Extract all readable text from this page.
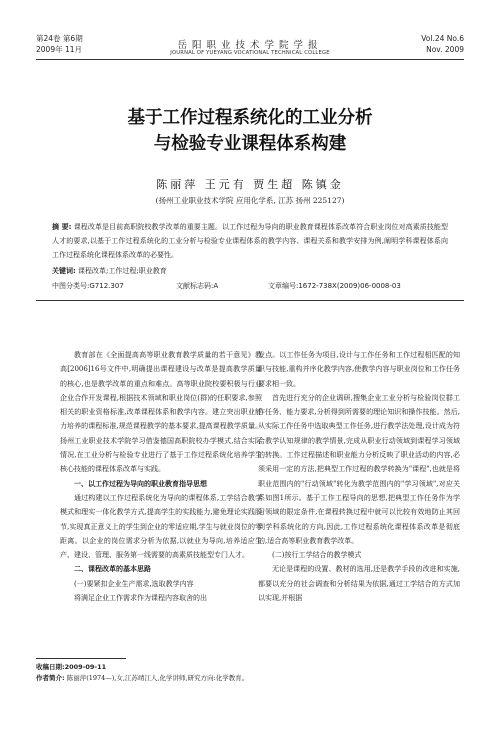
第24卷 第6期
2009年 11月	岳阳职业技术学院学报
JOURNAL OF YUEYANG VOCATIONAL TECHNICAL COLLEGE
Vol.24 No.6
Nov. 2009
基于工作过程系统化的工业分析
与检验专业课程体系构建
陈丽萍 王元有 贾生超 陈镇金
(扬州工业职业技术学院 应用化学系, 江苏 扬州 225127)
摘 要: 课程改革是目前高职院校教学改革的重要主题。以工作过程为导向的职业教育课程体系改革符合职业岗位对高素质技能型人才的要求,以基于工作过程系统化的工业分析与检验专业课程体系的教学内容、课程关系和教学安排为例,阐明学科课程体系向工作过程系统化课程体系改革的必要性。
关键词: 课程改革;工作过程;职业教育
中图分类号:G712.307	文献标志码:A	文章编号:1672-738X(2009)06-0008-03

教育部在《全面提高高等职业教育教学质量的若干意见》教高[2006]16号文件中,明确提出课程建设与改革是提高教学质量的核心,也是教学改革的重点和难点。高等职业院校要积极与行业企业合作开发课程,根据技术领域和职业岗位(群)的任职要求,参照相关的职业资格标准,改革课程体系和教学内容。建立突出职业能力培养的课程标准,规范课程教学的基本要求,提高课程教学质量。扬州工业职业技术学院学习借鉴德国高职院校办学模式,结合实际情况,在工业分析与检验专业进行了基于工作过程系统化培养学生核心技能的课程体系改革与实践。

一、以工作过程为导向的职业教育指导思想

通过构建以工作过程系统化为导向的课程体系,工学结合教学模式和理实一体化教学方式,提高学生的实践能力,避免理论实践脱节,实现真正意义上的学生到企业的零适应期,学生与就业岗位的零距离。以企业的岗位需求分析为依据,以就业为导向,培养适应生产、建设、管理、服务第一线需要的高素质技能型专门人才。

二、课程改革的基本思路

(一)要紧扣企业生产需求,选取教学内容

将满足企业工作需求作为课程内容取舍的出

发点。以工作任务为项目,设计与工作任务和工作过程相匹配的知识与技能,重构并序化教学内容,使教学内容与职业岗位和工作任务要求相一致。

首先进行充分的企业调研,搜集企业工业分析与检验岗位群工作任务、能力要求,分析得到所需要的理论知识和操作技能。然后,从实际工作任务中选取典型工作任务,进行教学法处理,设计成为符合教学认知规律的教学情景,完成从职业行动领域到课程学习领域的转换。工作过程描述和职业能力分析反映了职业活动的内容,必须采用一定的方法,把典型工作过程的教学转换为"课程",也就是将职业范围内的"行动领域"转化为教学范围内的"学习领域",对应关系如图1所示。基于工作工程导向的思想,把典型工作任务作为学习领域的限定条件,在课程转换过程中就可以比较有效地防止其回到学科系统化的方向,因此,工作过程系统化课程体系改革是彻底的,适合高等职业教育教学改革。

(二)按行工学结合的教学模式

无论是课程的设置、教材的选用,还是教学手段的改进和实施,都要以充分的社会调查和分析结果为依据,通过工学结合的方式加以实现,并根据

收稿日期:2009-09-11
作者简介: 陈丽萍(1974—),女,江苏靖江人,化学讲师,研究方向:化学教育。
